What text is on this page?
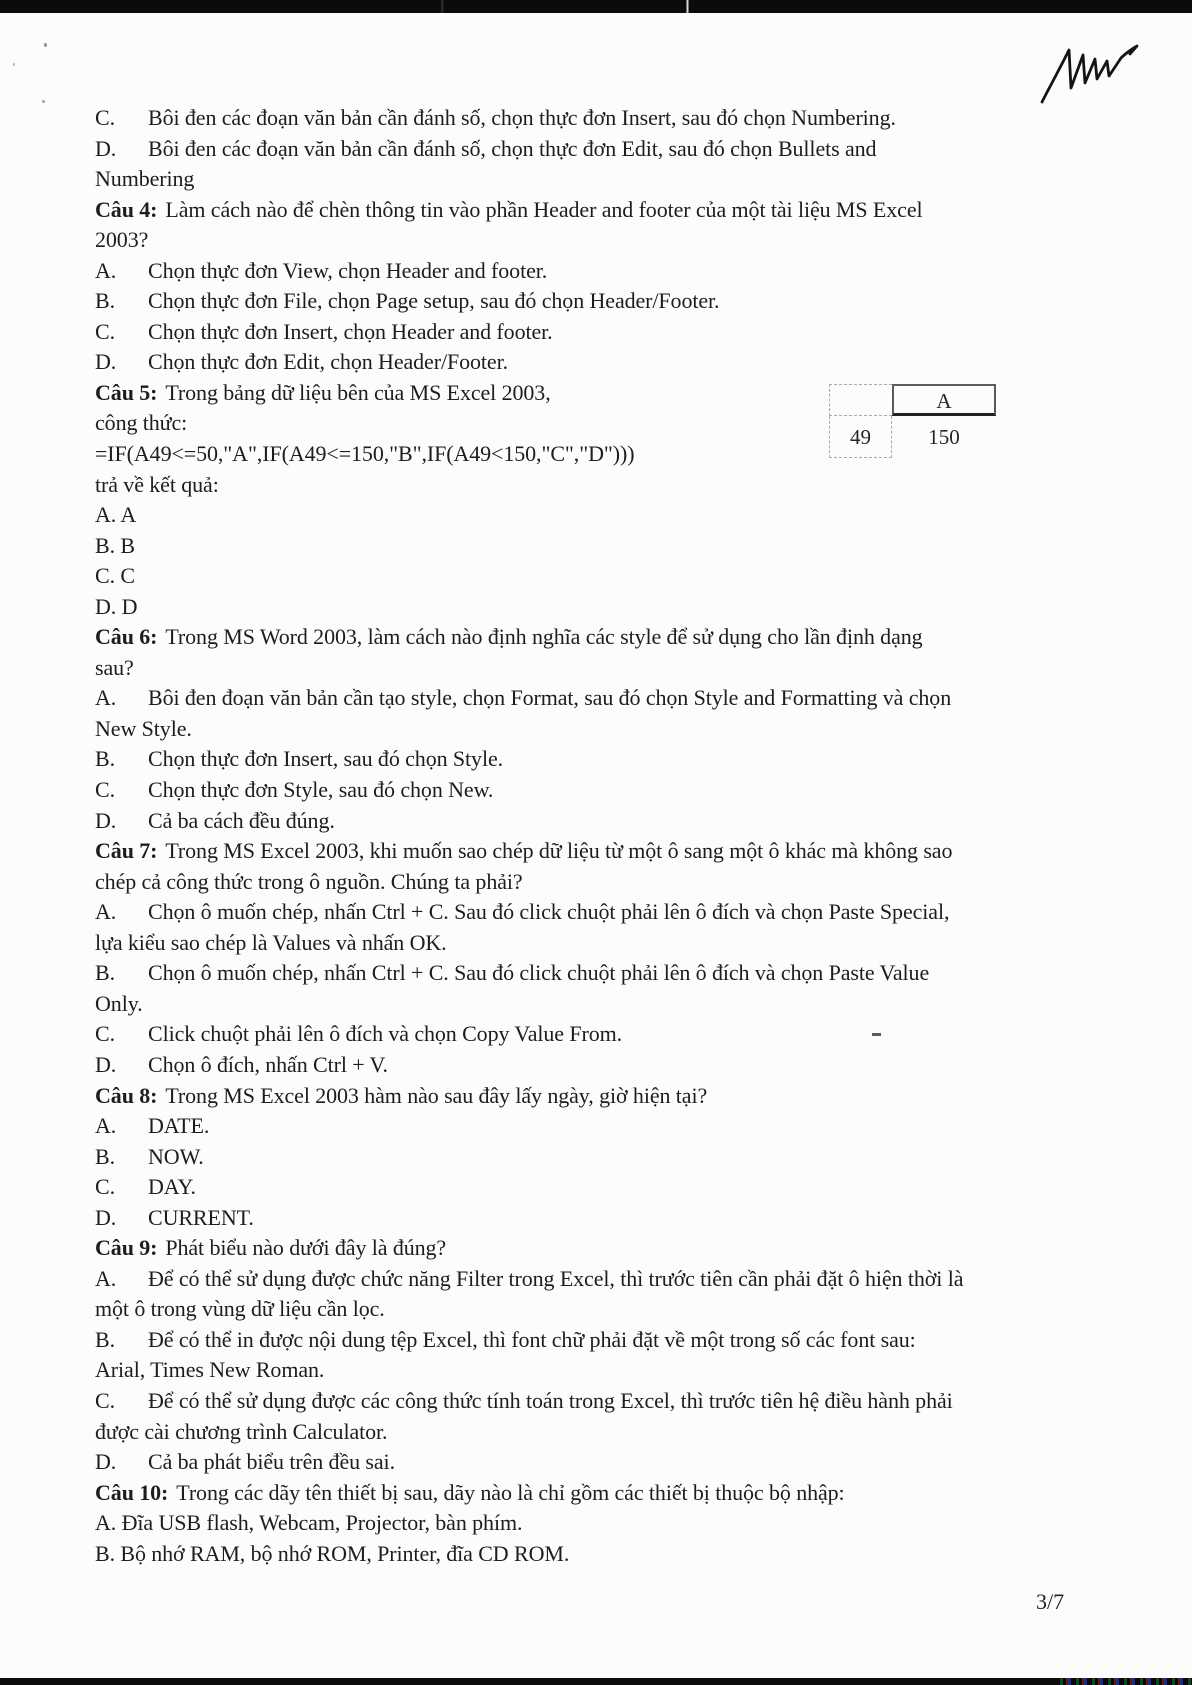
C. Bôi đen các đoạn văn bản cần đánh số, chọn thực đơn Insert, sau đó chọn Numbering.
D. Bôi đen các đoạn văn bản cần đánh số, chọn thực đơn Edit, sau đó chọn Bullets and
Numbering
Câu 4: Làm cách nào để chèn thông tin vào phần Header and footer của một tài liệu MS Excel
2003?
A. Chọn thực đơn View, chọn Header and footer.
B. Chọn thực đơn File, chọn Page setup, sau đó chọn Header/Footer.
C. Chọn thực đơn Insert, chọn Header and footer.
D. Chọn thực đơn Edit, chọn Header/Footer.
Câu 5: Trong bảng dữ liệu bên của MS Excel 2003,
công thức:
=IF(A49<=50,"A",IF(A49<=150,"B",IF(A49<150,"C","D")))
trả về kết quả:
A. A
B. B
C. C
D. D
Câu 6: Trong MS Word 2003, làm cách nào định nghĩa các style để sử dụng cho lần định dạng
sau?
A. Bôi đen đoạn văn bản cần tạo style, chọn Format, sau đó chọn Style and Formatting và chọn
New Style.
B. Chọn thực đơn Insert, sau đó chọn Style.
C. Chọn thực đơn Style, sau đó chọn New.
D. Cả ba cách đều đúng.
Câu 7: Trong MS Excel 2003, khi muốn sao chép dữ liệu từ một ô sang một ô khác mà không sao
chép cả công thức trong ô nguồn. Chúng ta phải?
A. Chọn ô muốn chép, nhấn Ctrl + C. Sau đó click chuột phải lên ô đích và chọn Paste Special,
lựa kiểu sao chép là Values và nhấn OK.
B. Chọn ô muốn chép, nhấn Ctrl + C. Sau đó click chuột phải lên ô đích và chọn Paste Value
Only.
C. Click chuột phải lên ô đích và chọn Copy Value From.
D. Chọn ô đích, nhấn Ctrl + V.
Câu 8: Trong MS Excel 2003 hàm nào sau đây lấy ngày, giờ hiện tại?
A. DATE.
B. NOW.
C. DAY.
D. CURRENT.
Câu 9: Phát biểu nào dưới đây là đúng?
A. Để có thể sử dụng được chức năng Filter trong Excel, thì trước tiên cần phải đặt ô hiện thời là
một ô trong vùng dữ liệu cần lọc.
B. Để có thể in được nội dung tệp Excel, thì font chữ phải đặt về một trong số các font sau:
Arial, Times New Roman.
C. Để có thể sử dụng được các công thức tính toán trong Excel, thì trước tiên hệ điều hành phải
được cài chương trình Calculator.
D. Cả ba phát biểu trên đều sai.
Câu 10: Trong các dãy tên thiết bị sau, dãy nào là chỉ gồm các thiết bị thuộc bộ nhập:
A. Đĩa USB flash, Webcam, Projector, bàn phím.
B. Bộ nhớ RAM, bộ nhớ ROM, Printer, đĩa CD ROM.
A
49	150
3/7
